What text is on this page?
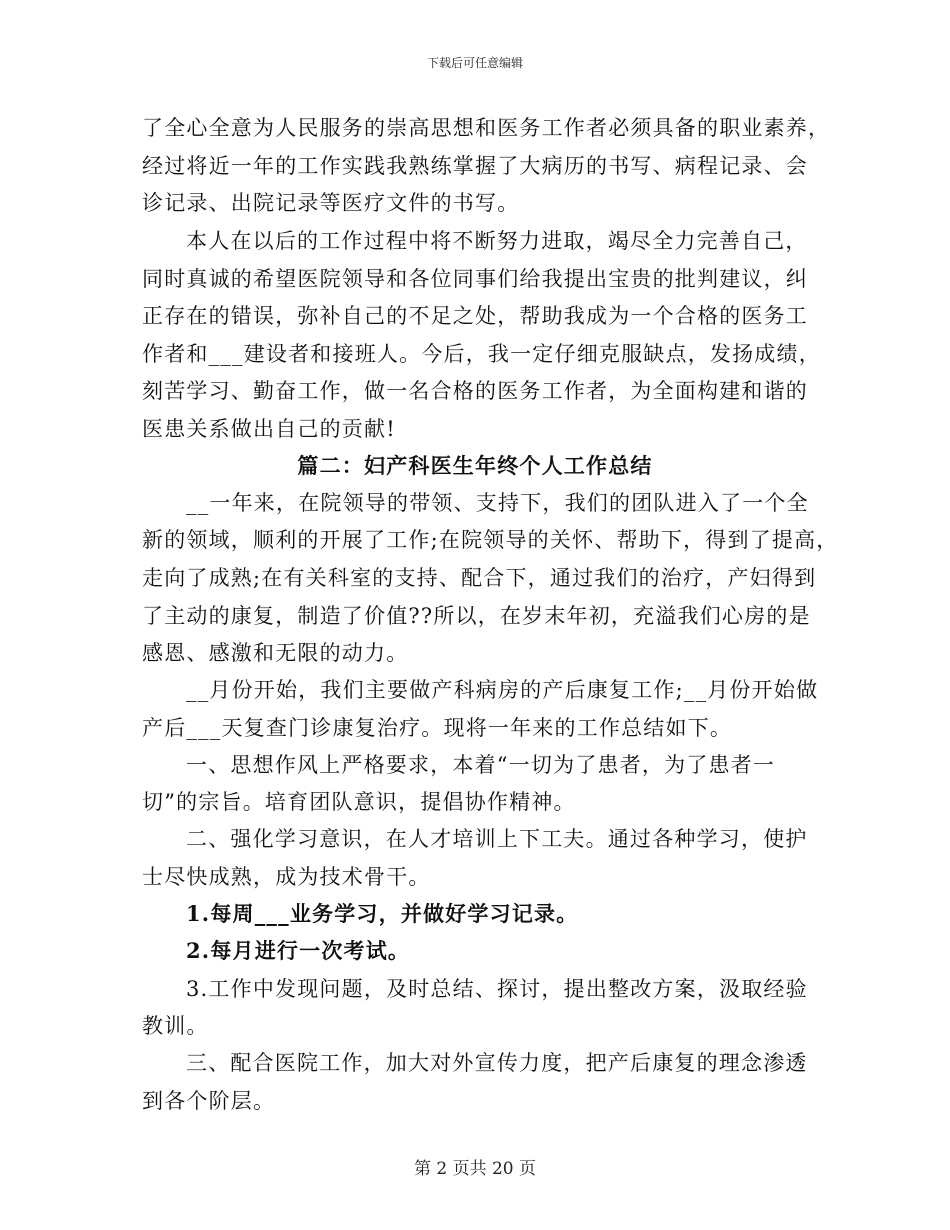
下载后可任意编辑
了全心全意为人民服务的崇高思想和医务工作者必须具备的职业素养，
经过将近一年的工作实践我熟练掌握了大病历的书写、病程记录、会
诊记录、出院记录等医疗文件的书写。
本人在以后的工作过程中将不断努力进取，竭尽全力完善自己，
同时真诚的希望医院领导和各位同事们给我提出宝贵的批判建议，纠
正存在的错误，弥补自己的不足之处，帮助我成为一个合格的医务工
作者和___建设者和接班人。今后，我一定仔细克服缺点，发扬成绩，
刻苦学习、勤奋工作，做一名合格的医务工作者，为全面构建和谐的
医患关系做出自己的贡献!
篇二：妇产科医生年终个人工作总结
__一年来，在院领导的带领、支持下，我们的团队进入了一个全
新的领域，顺利的开展了工作;在院领导的关怀、帮助下，得到了提高，
走向了成熟;在有关科室的支持、配合下，通过我们的治疗，产妇得到
了主动的康复，制造了价值??所以，在岁末年初，充溢我们心房的是
感恩、感激和无限的动力。
__月份开始，我们主要做产科病房的产后康复工作;__月份开始做
产后___天复查门诊康复治疗。现将一年来的工作总结如下。
一、思想作风上严格要求，本着“一切为了患者，为了患者一
切”的宗旨。培育团队意识，提倡协作精神。
二、强化学习意识，在人才培训上下工夫。通过各种学习，使护
士尽快成熟，成为技术骨干。
1.每周___业务学习，并做好学习记录。
2.每月进行一次考试。
3.工作中发现问题，及时总结、探讨，提出整改方案，汲取经验
教训。
三、配合医院工作，加大对外宣传力度，把产后康复的理念渗透
到各个阶层。
第 2 页共 20 页
